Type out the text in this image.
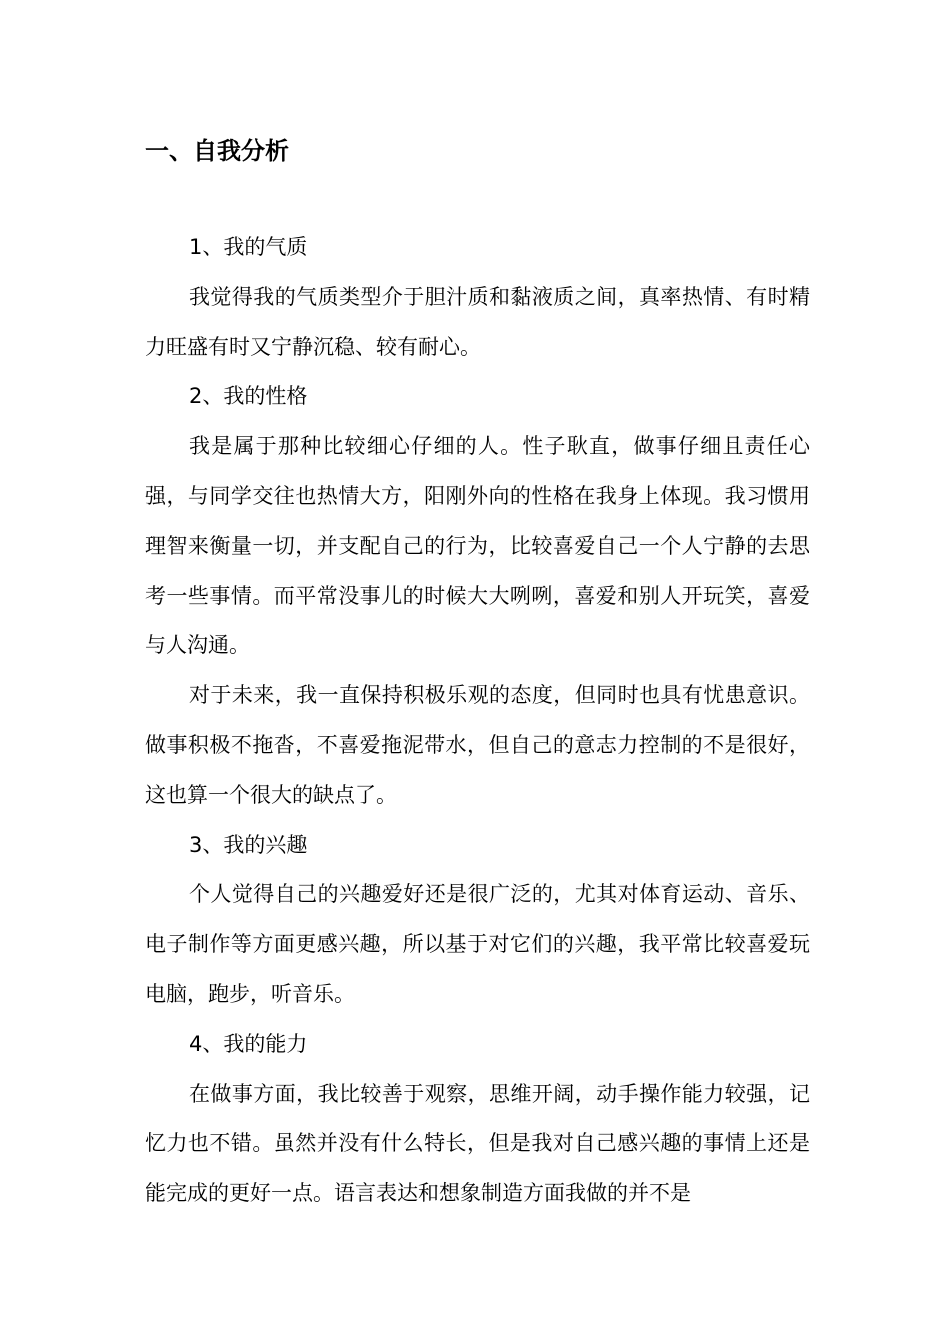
一、自我分析

1、我的气质

我觉得我的气质类型介于胆汁质和黏液质之间，真率热情、有时精力旺盛有时又宁静沉稳、较有耐心。

2、我的性格

我是属于那种比较细心仔细的人。性子耿直，做事仔细且责任心强，与同学交往也热情大方，阳刚外向的性格在我身上体现。我习惯用理智来衡量一切，并支配自己的行为，比较喜爱自己一个人宁静的去思考一些事情。而平常没事儿的时候大大咧咧，喜爱和别人开玩笑，喜爱与人沟通。

对于未来，我一直保持积极乐观的态度，但同时也具有忧患意识。做事积极不拖沓，不喜爱拖泥带水，但自己的意志力控制的不是很好，这也算一个很大的缺点了。

3、我的兴趣

个人觉得自己的兴趣爱好还是很广泛的，尤其对体育运动、音乐、电子制作等方面更感兴趣，所以基于对它们的兴趣，我平常比较喜爱玩电脑，跑步，听音乐。

4、我的能力

在做事方面，我比较善于观察，思维开阔，动手操作能力较强，记忆力也不错。虽然并没有什么特长，但是我对自己感兴趣的事情上还是能完成的更好一点。语言表达和想象制造方面我做的并不是
